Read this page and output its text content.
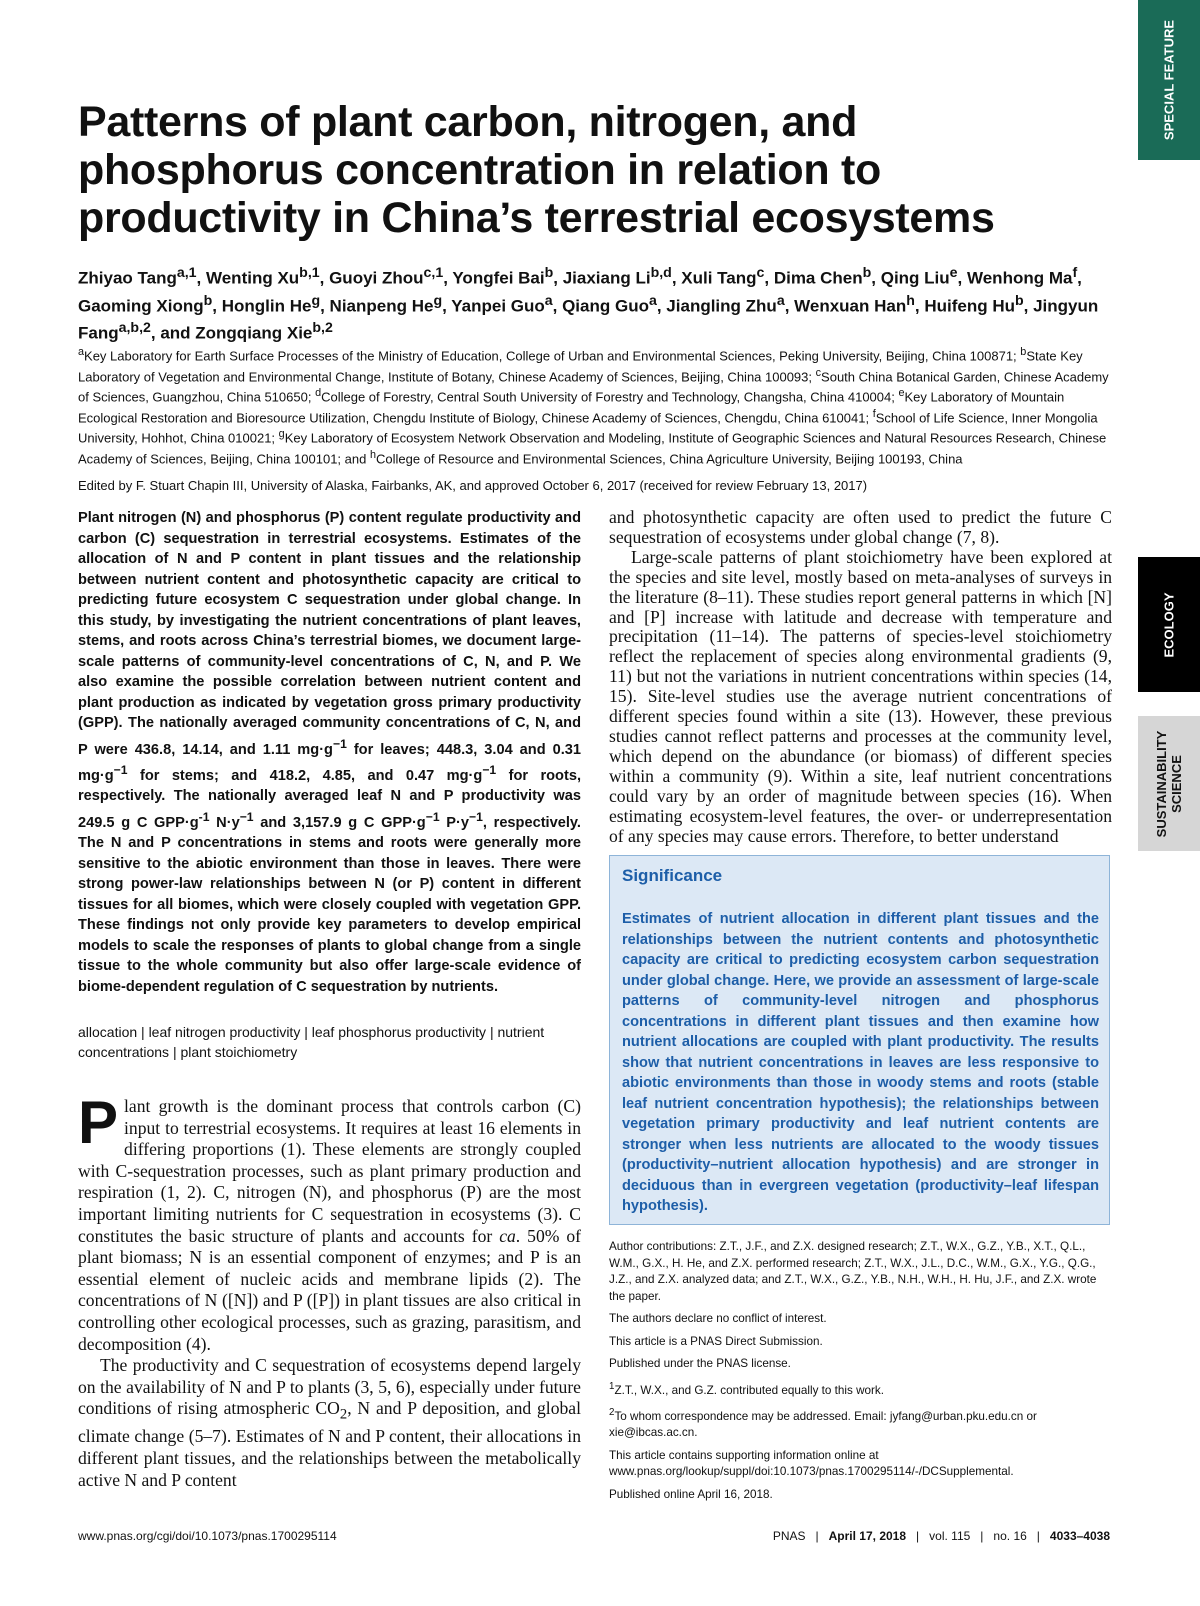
SPECIAL FEATURE
ECOLOGY
SUSTAINABILITY SCIENCE
Patterns of plant carbon, nitrogen, and phosphorus concentration in relation to productivity in China’s terrestrial ecosystems
Zhiyao Tang$^{a,1}$, Wenting Xu$^{b,1}$, Guoyi Zhou$^{c,1}$, Yongfei Bai$^b$, Jiaxiang Li$^{b,d}$, Xuli Tang$^c$, Dima Chen$^b$, Qing Liu$^e$, Wenhong Ma$^f$, Gaoming Xiong$^b$, Honglin He$^g$, Nianpeng He$^g$, Yanpei Guo$^a$, Qiang Guo$^a$, Jiangling Zhu$^a$, Wenxuan Han$^h$, Huifeng Hu$^b$, Jingyun Fang$^{a,b,2}$, and Zongqiang Xie$^{b,2}$
$^a$Key Laboratory for Earth Surface Processes of the Ministry of Education, College of Urban and Environmental Sciences, Peking University, Beijing, China 100871; $^b$State Key Laboratory of Vegetation and Environmental Change, Institute of Botany, Chinese Academy of Sciences, Beijing, China 100093; $^c$South China Botanical Garden, Chinese Academy of Sciences, Guangzhou, China 510650; $^d$College of Forestry, Central South University of Forestry and Technology, Changsha, China 410004; $^e$Key Laboratory of Mountain Ecological Restoration and Bioresource Utilization, Chengdu Institute of Biology, Chinese Academy of Sciences, Chengdu, China 610041; $^f$School of Life Science, Inner Mongolia University, Hohhot, China 010021; $^g$Key Laboratory of Ecosystem Network Observation and Modeling, Institute of Geographic Sciences and Natural Resources Research, Chinese Academy of Sciences, Beijing, China 100101; and $^h$College of Resource and Environmental Sciences, China Agriculture University, Beijing 100193, China
Edited by F. Stuart Chapin III, University of Alaska, Fairbanks, AK, and approved October 6, 2017 (received for review February 13, 2017)
Plant nitrogen (N) and phosphorus (P) content regulate productivity and carbon (C) sequestration in terrestrial ecosystems. Estimates of the allocation of N and P content in plant tissues and the relationship between nutrient content and photosynthetic capacity are critical to predicting future ecosystem C sequestration under global change. In this study, by investigating the nutrient concentrations of plant leaves, stems, and roots across China’s terrestrial biomes, we document large-scale patterns of community-level concentrations of C, N, and P. We also examine the possible correlation between nutrient content and plant production as indicated by vegetation gross primary productivity (GPP). The nationally averaged community concentrations of C, N, and P were 436.8, 14.14, and 1.11 $mg\cdot g^{-1}$ for leaves; 448.3, 3.04 and 0.31 $mg\cdot g^{-1}$ for stems; and 418.2, 4.85, and 0.47 $mg\cdot g^{-1}$ for roots, respectively. The nationally averaged leaf N and P productivity was 249.5 g C $GPP\cdot g^{-1}$ $N\cdot y^{-1}$ and 3,157.9 g C $GPP\cdot g^{-1}$ $P\cdot y^{-1}$, respectively. The N and P concentrations in stems and roots were generally more sensitive to the abiotic environment than those in leaves. There were strong power-law relationships between N (or P) content in different tissues for all biomes, which were closely coupled with vegetation GPP. These findings not only provide key parameters to develop empirical models to scale the responses of plants to global change from a single tissue to the whole community but also offer large-scale evidence of biome-dependent regulation of C sequestration by nutrients.
allocation | leaf nitrogen productivity | leaf phosphorus productivity | nutrient concentrations | plant stoichiometry

Plant growth is the dominant process that controls carbon (C) input to terrestrial ecosystems. It requires at least 16 elements in differing proportions (1). These elements are strongly coupled with C-sequestration processes, such as plant primary production and respiration (1, 2). C, nitrogen (N), and phosphorus (P) are the most important limiting nutrients for C sequestration in ecosystems (3). C constitutes the basic structure of plants and accounts for ca. 50% of plant biomass; N is an essential component of enzymes; and P is an essential element of nucleic acids and membrane lipids (2). The concentrations of N ([N]) and P ([P]) in plant tissues are also critical in controlling other ecological processes, such as grazing, parasitism, and decomposition (4).

The productivity and C sequestration of ecosystems depend largely on the availability of N and P to plants (3, 5, 6), especially under future conditions of rising atmospheric $CO_2$, N and P deposition, and global climate change (5–7). Estimates of N and P content, their allocations in different plant tissues, and the relationships between the metabolically active N and P content

and photosynthetic capacity are often used to predict the future C sequestration of ecosystems under global change (7, 8).

Large-scale patterns of plant stoichiometry have been explored at the species and site level, mostly based on meta-analyses of surveys in the literature (8–11). These studies report general patterns in which [N] and [P] increase with latitude and decrease with temperature and precipitation (11–14). The patterns of species-level stoichiometry reflect the replacement of species along environmental gradients (9, 11) but not the variations in nutrient concentrations within species (14, 15). Site-level studies use the average nutrient concentrations of different species found within a site (13). However, these previous studies cannot reflect patterns and processes at the community level, which depend on the abundance (or biomass) of different species within a community (9). Within a site, leaf nutrient concentrations could vary by an order of magnitude between species (16). When estimating ecosystem-level features, the over- or underrepresentation of any species may cause errors. Therefore, to better understand

Significance
Estimates of nutrient allocation in different plant tissues and the relationships between the nutrient contents and photosynthetic capacity are critical to predicting ecosystem carbon sequestration under global change. Here, we provide an assessment of large-scale patterns of community-level nitrogen and phosphorus concentrations in different plant tissues and then examine how nutrient allocations are coupled with plant productivity. The results show that nutrient concentrations in leaves are less responsive to abiotic environments than those in woody stems and roots (stable leaf nutrient concentration hypothesis); the relationships between vegetation primary productivity and leaf nutrient contents are stronger when less nutrients are allocated to the woody tissues (productivity–nutrient allocation hypothesis) and are stronger in deciduous than in evergreen vegetation (productivity–leaf lifespan hypothesis).

Author contributions: Z.T., J.F., and Z.X. designed research; Z.T., W.X., G.Z., Y.B., X.T., Q.L., W.M., G.X., H. He, and Z.X. performed research; Z.T., W.X., J.L., D.C., W.M., G.X., Y.G., Q.G., J.Z., and Z.X. analyzed data; and Z.T., W.X., G.Z., Y.B., N.H., W.H., H. Hu, J.F., and Z.X. wrote the paper.

The authors declare no conflict of interest.

This article is a PNAS Direct Submission.

Published under the PNAS license.

$^1$Z.T., W.X., and G.Z. contributed equally to this work.

$^2$To whom correspondence may be addressed. Email: jyfang@urban.pku.edu.cn or xie@ibcas.ac.cn.

This article contains supporting information online at www.pnas.org/lookup/suppl/doi:10.1073/pnas.1700295114/-/DCSupplemental.

Published online April 16, 2018.

www.pnas.org/cgi/doi/10.1073/pnas.1700295114	PNAS | April 17, 2018 | vol. 115 | no. 16 | 4033–4038
